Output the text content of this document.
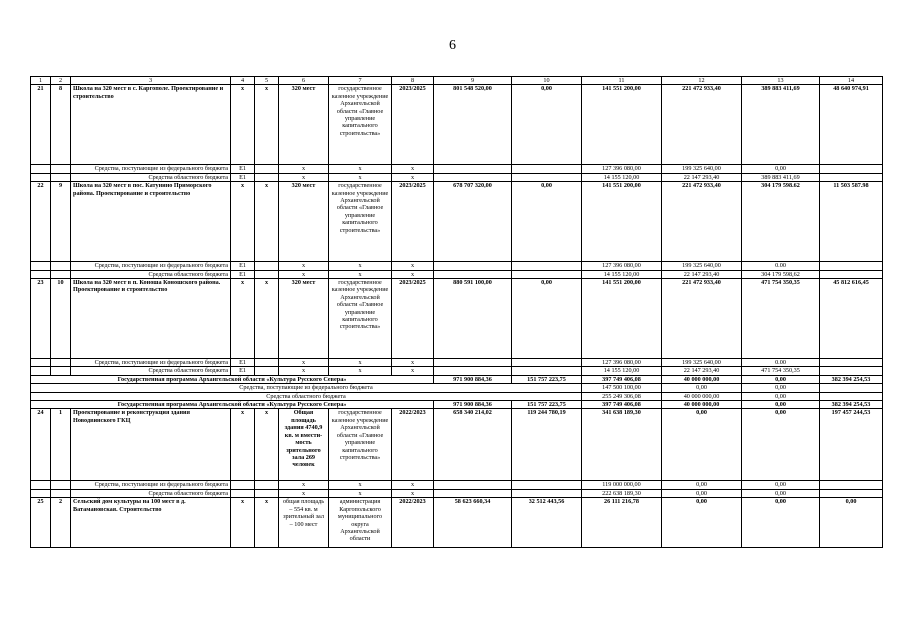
6
1	2	3	4	5	6	7	8	9	10	11	12	13	14
21	8	Школа на 320 мест в с. Каргополе. Проектирование и строительство	х	х	320 мест	государственное казенное учреждение Архангельской области «Главное управление капитального строительства»	2023/2025	801 548 520,00	0,00	141 551 200,00	221 472 933,40	389 883 411,69	48 640 974,91
		Средства, поступающие из федерального бюджета	E1		х	х	х			127 396 080,00	199 325 640,00	0,00	
		Средства областного бюджета	E1		х	х	х			14 155 120,00	22 147 293,40	389 883 411,69	
22	9	Школа на 320 мест в пос. Катунино Приморского района. Проектирование и строительство	х	х	320 мест	государственное казенное учреждение Архангельской области «Главное управление капитального строительства»	2023/2025	678 707 320,00	0,00	141 551 200,00	221 472 933,40	304 179 598.62	11 503 587.98
		Средства, поступающие из федерального бюджета	E1		х	х	х			127 396 080,00	199 325 640,00	0.00	
		Средства областного бюджета	E1		х	х	х			14 155 120,00	22 147 293,40	304 179 598,62	
23	10	Школа на 320 мест в п. Коноша Коношского района. Проектирование и строительство	х	х	320 мест	государственное казенное учреждение Архангельской области «Главное управление капитального строительства»	2023/2025	880 591 100,00	0,00	141 551 200,00	221 472 933,40	471 754 350,35	45 812 616,45
		Средства, поступающие из федерального бюджета	E1		х	х	х			127 396 080,00	199 325 640,00	0.00	
		Средства областного бюджета	E1		х	х	х			14 155 120,00	22 147 293,40	471 754 350,35	
Государственная программа Архангельской области «Культура Русского Севера»								971 900 884,36	151 757 223,75	397 749 406,08	40 000 000,00	0,00	382 394 254,53
Средства, поступающие из федерального бюджета										147 500 100,00	0,00	0,00	
Средства областного бюджета										255 249 306,08	40 000 000,00	0,00	
Государственная программа Архангельской области «Культура Русского Севера»								971 900 884,36	151 757 223,75	397 749 406,08	40 000 000,00	0,00	382 394 254,53
24	1	Проектирование и реконструкция здания Новодвинского ГКЦ	х	х	Общая площадь здания 4740,9 кв. м вмести-мость зрительного зала 269 человек	государственное казенное учреждение Архангельской области «Главное управление капитального строительства»	2022/2023	658 340 214,02	119 244 780,19	341 638 189,30	0,00	0,00	197 457 244,53
		Средства, поступающие из федерального бюджета			х	х	х			119 000 000,00	0,00	0,00	
		Средства областного бюджета			х	х	х			222 638 189,30	0,00	0,00	
25	2	Сельский дом культуры на 100 мест в д. Ватамановская. Строительство	х	х	общая площадь – 554 кв. м зрительный зал – 100 мест	администрация Каргопольского муниципального округа Архангельской области	2022/2023	58 623 660,34	32 512 443,56	26 111 216,78	0,00	0,00	0,00
